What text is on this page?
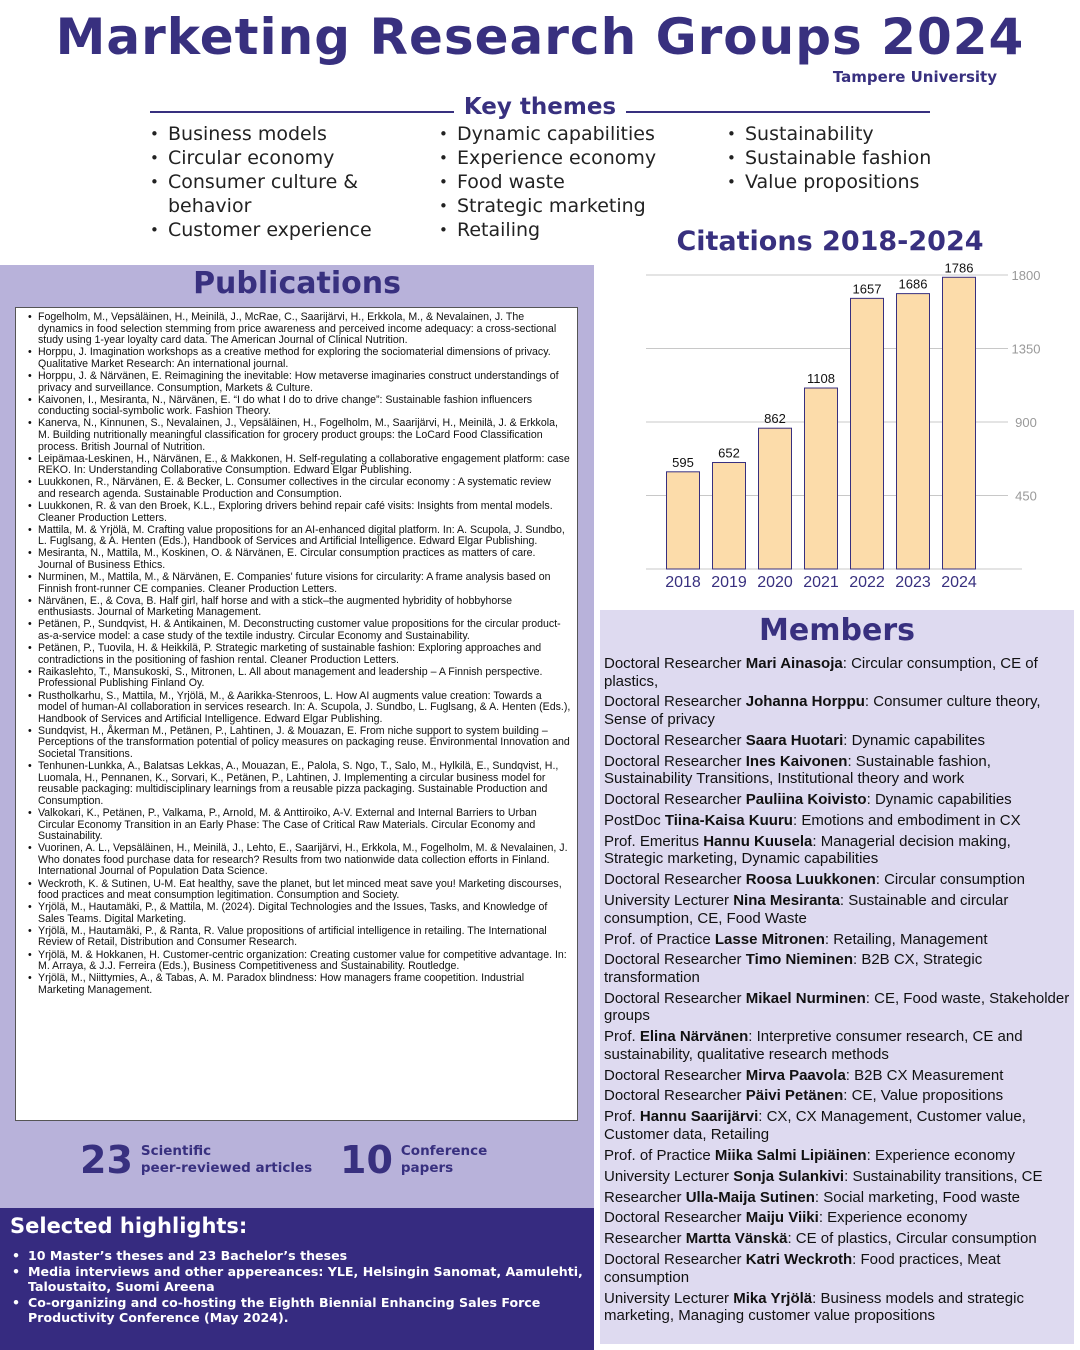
Marketing Research Groups 2024
Tampere University
Key themes
• Business models
• Circular economy
• Consumer culture & behavior
• Customer experience
• Dynamic capabilities
• Experience economy
• Food waste
• Strategic marketing
• Retailing
• Sustainability
• Sustainable fashion
• Value propositions
Publications
• Fogelholm, M., Vepsäläinen, H., Meinilä, J., McRae, C., Saarijärvi, H., Erkkola, M., & Nevalainen, J. The dynamics in food selection stemming from price awareness and perceived income adequacy: a cross-sectional study using 1-year loyalty card data. The American Journal of Clinical Nutrition.
• Horppu, J. Imagination workshops as a creative method for exploring the sociomaterial dimensions of privacy. Qualitative Market Research: An international journal.
• Horppu, J. & Närvänen, E. Reimagining the inevitable: How metaverse imaginaries construct understandings of privacy and surveillance. Consumption, Markets & Culture.
• Kaivonen, I., Mesiranta, N., Närvänen, E. “I do what I do to drive change”: Sustainable fashion influencers conducting social-symbolic work. Fashion Theory.
• Kanerva, N., Kinnunen, S., Nevalainen, J., Vepsäläinen, H., Fogelholm, M., Saarijärvi, H., Meinilä, J. & Erkkola, M. Building nutritionally meaningful classification for grocery product groups: the LoCard Food Classification process. British Journal of Nutrition.
• Leipämaa-Leskinen, H., Närvänen, E., & Makkonen, H. Self-regulating a collaborative engagement platform: case REKO. In: Understanding Collaborative Consumption. Edward Elgar Publishing.
• Luukkonen, R., Närvänen, E. & Becker, L. Consumer collectives in the circular economy : A systematic review and research agenda. Sustainable Production and Consumption.
• Luukkonen, R. & van den Broek, K.L., Exploring drivers behind repair café visits: Insights from mental models. Cleaner Production Letters.
• Mattila, M. & Yrjölä, M. Crafting value propositions for an AI-enhanced digital platform. In: A. Scupola, J. Sundbo, L. Fuglsang, & A. Henten (Eds.), Handbook of Services and Artificial Intelligence. Edward Elgar Publishing.
• Mesiranta, N., Mattila, M., Koskinen, O. & Närvänen, E. Circular consumption practices as matters of care. Journal of Business Ethics.
• Nurminen, M., Mattila, M., & Närvänen, E. Companies' future visions for circularity: A frame analysis based on Finnish front-runner CE companies. Cleaner Production Letters.
• Närvänen, E., & Cova, B. Half girl, half horse and with a stick–the augmented hybridity of hobbyhorse enthusiasts. Journal of Marketing Management.
• Petänen, P., Sundqvist, H. & Antikainen, M. Deconstructing customer value propositions for the circular product-as-a-service model: a case study of the textile industry. Circular Economy and Sustainability.
• Petänen, P., Tuovila, H. & Heikkilä, P. Strategic marketing of sustainable fashion: Exploring approaches and contradictions in the positioning of fashion rental. Cleaner Production Letters.
• Raikaslehto, T., Mansukoski, S., Mitronen, L. All about management and leadership – A Finnish perspective. Professional Publishing Finland Oy.
• Rustholkarhu, S., Mattila, M., Yrjölä, M., & Aarikka-Stenroos, L. How AI augments value creation: Towards a model of human-AI collaboration in services research. In: A. Scupola, J. Sundbo, L. Fuglsang, & A. Henten (Eds.), Handbook of Services and Artificial Intelligence. Edward Elgar Publishing.
• Sundqvist, H., Åkerman M., Petänen, P., Lahtinen, J. & Mouazan, E. From niche support to system building – Perceptions of the transformation potential of policy measures on packaging reuse. Environmental Innovation and Societal Transitions.
• Tenhunen-Lunkka, A., Balatsas Lekkas, A., Mouazan, E., Palola, S. Ngo, T., Salo, M., Hylkilä, E., Sundqvist, H., Luomala, H., Pennanen, K., Sorvari, K., Petänen, P., Lahtinen, J. Implementing a circular business model for reusable packaging: multidisciplinary learnings from a reusable pizza packaging. Sustainable Production and Consumption.
• Valkokari, K., Petänen, P., Valkama, P., Arnold, M. & Anttiroiko, A-V. External and Internal Barriers to Urban Circular Economy Transition in an Early Phase: The Case of Critical Raw Materials. Circular Economy and Sustainability.
• Vuorinen, A. L., Vepsäläinen, H., Meinilä, J., Lehto, E., Saarijärvi, H., Erkkola, M., Fogelholm, M. & Nevalainen, J. Who donates food purchase data for research? Results from two nationwide data collection efforts in Finland. International Journal of Population Data Science.
• Weckroth, K. & Sutinen, U-M. Eat healthy, save the planet, but let minced meat save you! Marketing discourses, food practices and meat consumption legitimation. Consumption and Society.
• Yrjölä, M., Hautamäki, P., & Mattila, M. (2024). Digital Technologies and the Issues, Tasks, and Knowledge of Sales Teams. Digital Marketing.
• Yrjölä, M., Hautamäki, P., & Ranta, R. Value propositions of artificial intelligence in retailing. The International Review of Retail, Distribution and Consumer Research.
• Yrjölä, M. & Hokkanen, H. Customer-centric organization: Creating customer value for competitive advantage. In: M. Arraya, & J.J. Ferreira (Eds.), Business Competitiveness and Sustainability. Routledge.
• Yrjölä, M., Niittymies, A., & Tabas, A. M. Paradox blindness: How managers frame coopetition. Industrial Marketing Management.
23 Scientific
peer-reviewed articles 10 Conference
papers
Selected highlights:
• 10 Master’s theses and 23 Bachelor’s theses
• Media interviews and other appereances: YLE, Helsingin Sanomat, Aamulehti, Taloustaito, Suomi Areena
• Co-organizing and co-hosting the Eighth Biennial Enhancing Sales Force Productivity Conference (May 2024).
Citations 2018-2024
450
900
1350
1800
595
2018
652
2019
862
2020
1108
2021
1657
2022
1686
2023
1786
2024
Members
Doctoral Researcher Mari Ainasoja: Circular consumption, CE of plastics,
Doctoral Researcher Johanna Horppu: Consumer culture theory, Sense of privacy
Doctoral Researcher Saara Huotari: Dynamic capabilites
Doctoral Researcher Ines Kaivonen: Sustainable fashion, Sustainability Transitions, Institutional theory and work
Doctoral Researcher Pauliina Koivisto: Dynamic capabilities
PostDoc Tiina-Kaisa Kuuru: Emotions and embodiment in CX
Prof. Emeritus Hannu Kuusela: Managerial decision making, Strategic marketing, Dynamic capabilities
Doctoral Researcher Roosa Luukkonen: Circular consumption
University Lecturer Nina Mesiranta: Sustainable and circular consumption, CE, Food Waste
Prof. of Practice Lasse Mitronen: Retailing, Management
Doctoral Researcher Timo Nieminen: B2B CX, Strategic transformation
Doctoral Researcher Mikael Nurminen: CE, Food waste, Stakeholder groups
Prof. Elina Närvänen: Interpretive consumer research, CE and sustainability, qualitative research methods
Doctoral Researcher Mirva Paavola: B2B CX Measurement
Doctoral Researcher Päivi Petänen: CE, Value propositions
Prof. Hannu Saarijärvi: CX, CX Management, Customer value, Customer data, Retailing
Prof. of Practice Miika Salmi Lipiäinen: Experience economy
University Lecturer Sonja Sulankivi: Sustainability transitions, CE
Researcher Ulla-Maija Sutinen: Social marketing, Food waste
Doctoral Researcher Maiju Viiki: Experience economy
Researcher Martta Vänskä: CE of plastics, Circular consumption
Doctoral Researcher Katri Weckroth: Food practices, Meat consumption
University Lecturer Mika Yrjölä: Business models and strategic marketing, Managing customer value propositions
